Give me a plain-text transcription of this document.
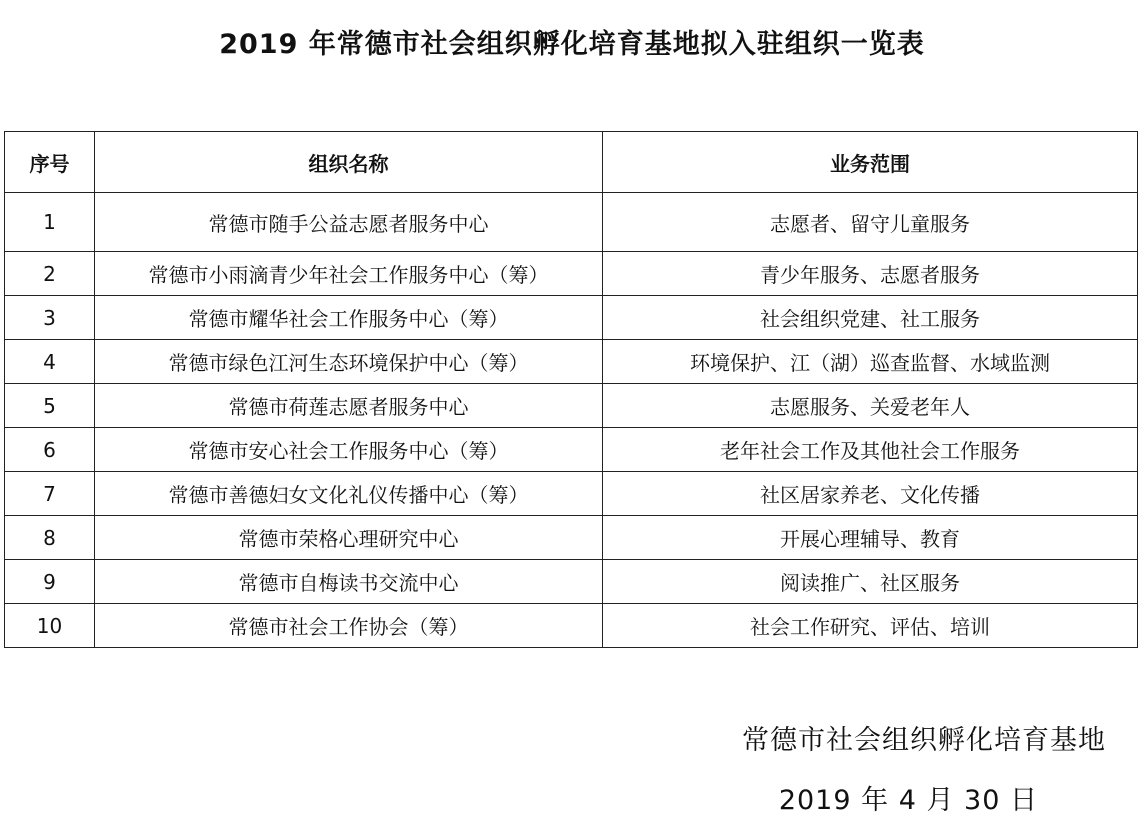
2019 年常德市社会组织孵化培育基地拟入驻组织一览表
序号	组织名称	业务范围
1	常德市随手公益志愿者服务中心	志愿者、留守儿童服务
2	常德市小雨滴青少年社会工作服务中心（筹）	青少年服务、志愿者服务
3	常德市耀华社会工作服务中心（筹）	社会组织党建、社工服务
4	常德市绿色江河生态环境保护中心（筹）	环境保护、江（湖）巡查监督、水域监测
5	常德市荷莲志愿者服务中心	志愿服务、关爱老年人
6	常德市安心社会工作服务中心（筹）	老年社会工作及其他社会工作服务
7	常德市善德妇女文化礼仪传播中心（筹）	社区居家养老、文化传播
8	常德市荣格心理研究中心	开展心理辅导、教育
9	常德市自梅读书交流中心	阅读推广、社区服务
10	常德市社会工作协会（筹）	社会工作研究、评估、培训
常德市社会组织孵化培育基地
2019 年 4 月 30 日
